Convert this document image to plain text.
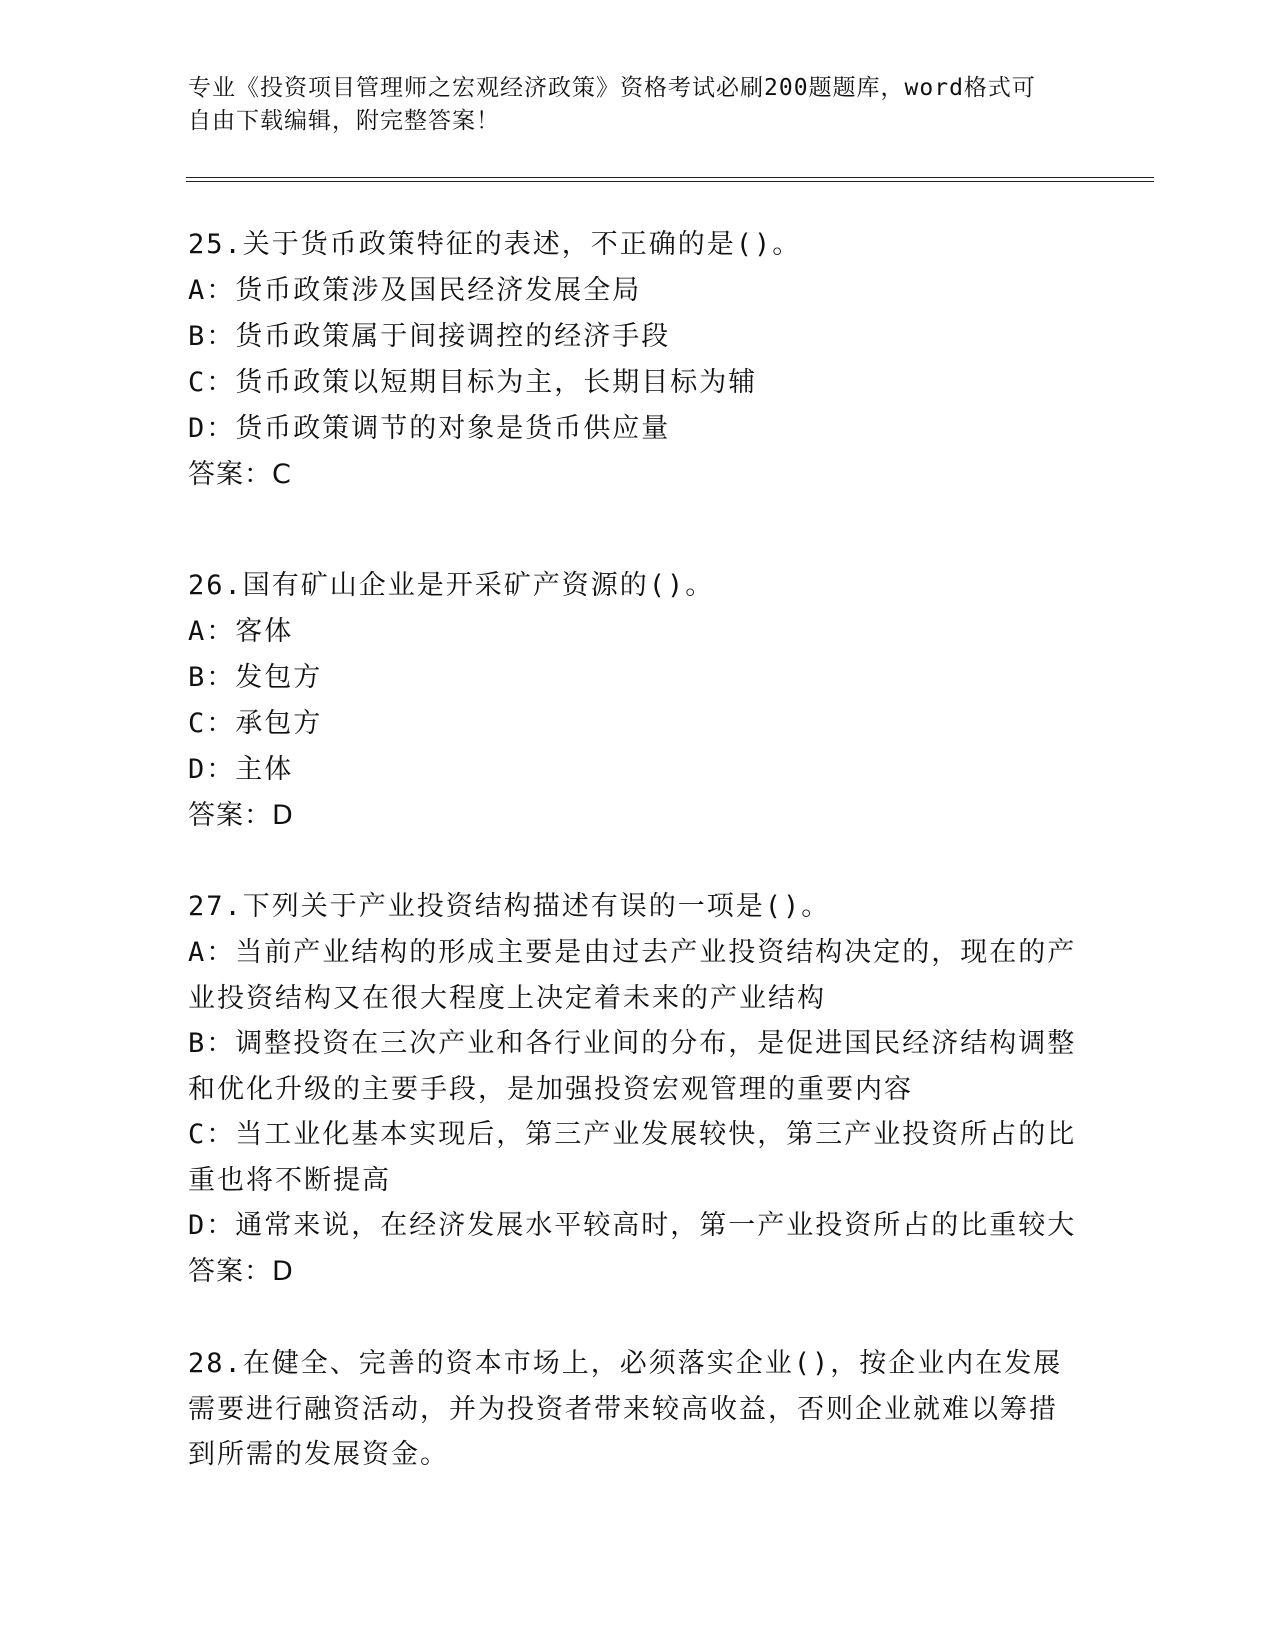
专业《投资项目管理师之宏观经济政策》资格考试必刷200题题库，word格式可
自由下载编辑，附完整答案！
25.关于货币政策特征的表述，不正确的是()。
A：货币政策涉及国民经济发展全局
B：货币政策属于间接调控的经济手段
C：货币政策以短期目标为主，长期目标为辅
D：货币政策调节的对象是货币供应量
答案：C
26.国有矿山企业是开采矿产资源的()。
A：客体
B：发包方
C：承包方
D：主体
答案：D
27.下列关于产业投资结构描述有误的一项是()。
A：当前产业结构的形成主要是由过去产业投资结构决定的，现在的产业投资结构又在很大程度上决定着未来的产业结构
B：调整投资在三次产业和各行业间的分布，是促进国民经济结构调整和优化升级的主要手段，是加强投资宏观管理的重要内容
C：当工业化基本实现后，第三产业发展较快，第三产业投资所占的比重也将不断提高
D：通常来说，在经济发展水平较高时，第一产业投资所占的比重较大
答案：D
28.在健全、完善的资本市场上，必须落实企业()，按企业内在发展需要进行融资活动，并为投资者带来较高收益，否则企业就难以筹措到所需的发展资金。
